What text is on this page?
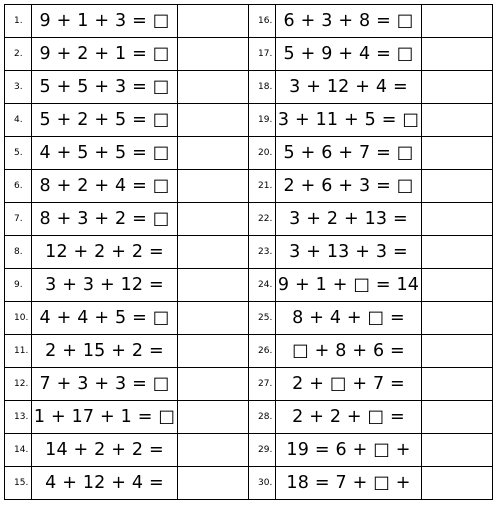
1.	9 + 1 + 3 = □		16.	6 + 3 + 8 = □	
2.	9 + 2 + 1 = □		17.	5 + 9 + 4 = □	
3.	5 + 5 + 3 = □		18.	3 + 12 + 4 =	
4.	5 + 2 + 5 = □		19.	3 + 11 + 5 = □	
5.	4 + 5 + 5 = □		20.	5 + 6 + 7 = □	
6.	8 + 2 + 4 = □		21.	2 + 6 + 3 = □	
7.	8 + 3 + 2 = □		22.	3 + 2 + 13 =	
8.	12 + 2 + 2 =		23.	3 + 13 + 3 =	
9.	3 + 3 + 12 =		24.	9 + 1 + □ = 14	
10.	4 + 4 + 5 = □		25.	8 + 4 + □ =	
11.	2 + 15 + 2 =		26.	□ + 8 + 6 =	
12.	7 + 3 + 3 = □		27.	2 + □ + 7 =	
13.	1 + 17 + 1 = □		28.	2 + 2 + □ =	
14.	14 + 2 + 2 =		29.	19 = 6 + □ +	
15.	4 + 12 + 4 =		30.	18 = 7 + □ +	
